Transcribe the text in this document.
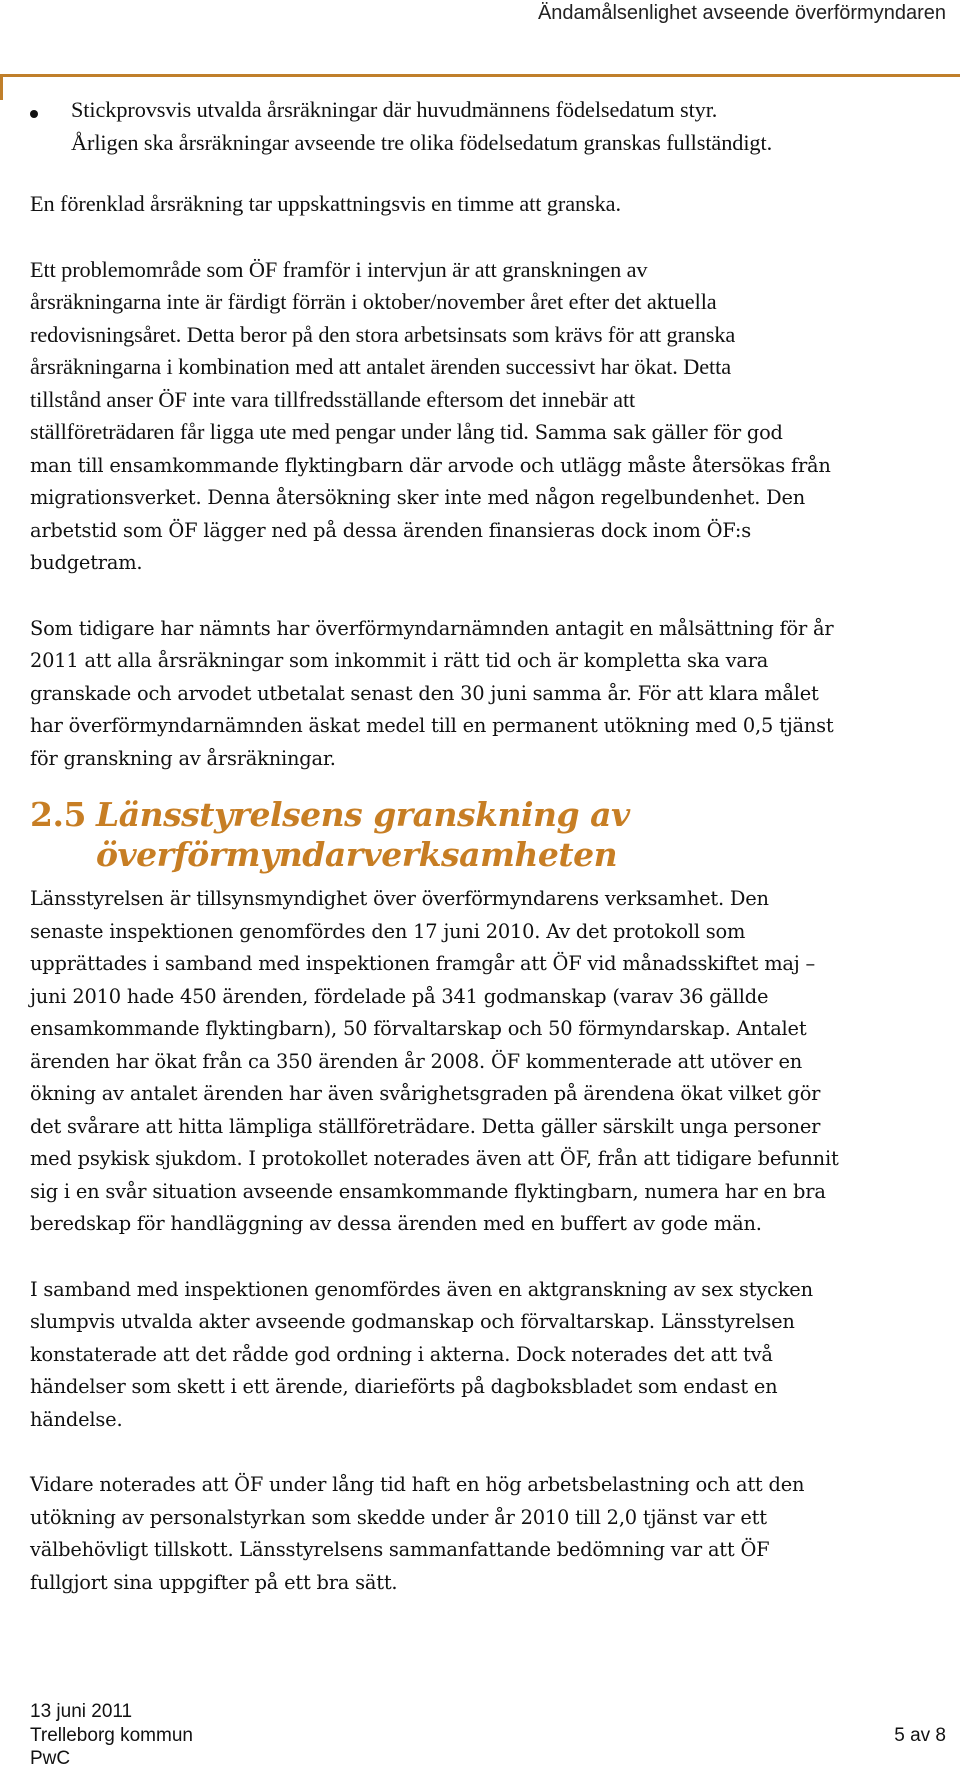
Ändamålsenlighet avseende överförmyndaren

Stickprovsvis utvalda årsräkningar där huvudmännens födelsedatum styr.

Årligen ska årsräkningar avseende tre olika födelsedatum granskas fullständigt.

En förenklad årsräkning tar uppskattningsvis en timme att granska.

Ett problemområde som ÖF framför i intervjun är att granskningen av

årsräkningarna inte är färdigt förrän i oktober/november året efter det aktuella

redovisningsåret. Detta beror på den stora arbetsinsats som krävs för att granska

årsräkningarna i kombination med att antalet ärenden successivt har ökat. Detta

tillstånd anser ÖF inte vara tillfredsställande eftersom det innebär att

ställföreträdaren får ligga ute med pengar under lång tid. Samma sak gäller för god

man till ensamkommande flyktingbarn där arvode och utlägg måste återsökas från

migrationsverket. Denna återsökning sker inte med någon regelbundenhet. Den

arbetstid som ÖF lägger ned på dessa ärenden finansieras dock inom ÖF:s

budgetram.

Som tidigare har nämnts har överförmyndarnämnden antagit en målsättning för år

2011 att alla årsräkningar som inkommit i rätt tid och är kompletta ska vara

granskade och arvodet utbetalat senast den 30 juni samma år. För att klara målet

har överförmyndarnämnden äskat medel till en permanent utökning med 0,5 tjänst

för granskning av årsräkningar.

2.5 Länsstyrelsens granskning av
överförmyndarverksamheten

Länsstyrelsen är tillsynsmyndighet över överförmyndarens verksamhet. Den

senaste inspektionen genomfördes den 17 juni 2010. Av det protokoll som

upprättades i samband med inspektionen framgår att ÖF vid månadsskiftet maj –

juni 2010 hade 450 ärenden, fördelade på 341 godmanskap (varav 36 gällde

ensamkommande flyktingbarn), 50 förvaltarskap och 50 förmyndarskap. Antalet

ärenden har ökat från ca 350 ärenden år 2008. ÖF kommenterade att utöver en

ökning av antalet ärenden har även svårighetsgraden på ärendena ökat vilket gör

det svårare att hitta lämpliga ställföreträdare. Detta gäller särskilt unga personer

med psykisk sjukdom. I protokollet noterades även att ÖF, från att tidigare befunnit

sig i en svår situation avseende ensamkommande flyktingbarn, numera har en bra

beredskap för handläggning av dessa ärenden med en buffert av gode män.

I samband med inspektionen genomfördes även en aktgranskning av sex stycken

slumpvis utvalda akter avseende godmanskap och förvaltarskap. Länsstyrelsen

konstaterade att det rådde god ordning i akterna. Dock noterades det att två

händelser som skett i ett ärende, diarieförts på dagboksbladet som endast en

händelse.

Vidare noterades att ÖF under lång tid haft en hög arbetsbelastning och att den

utökning av personalstyrkan som skedde under år 2010 till 2,0 tjänst var ett

välbehövligt tillskott. Länsstyrelsens sammanfattande bedömning var att ÖF

fullgjort sina uppgifter på ett bra sätt.

13 juni 2011
Trelleborg kommun
PwC
5 av 8
